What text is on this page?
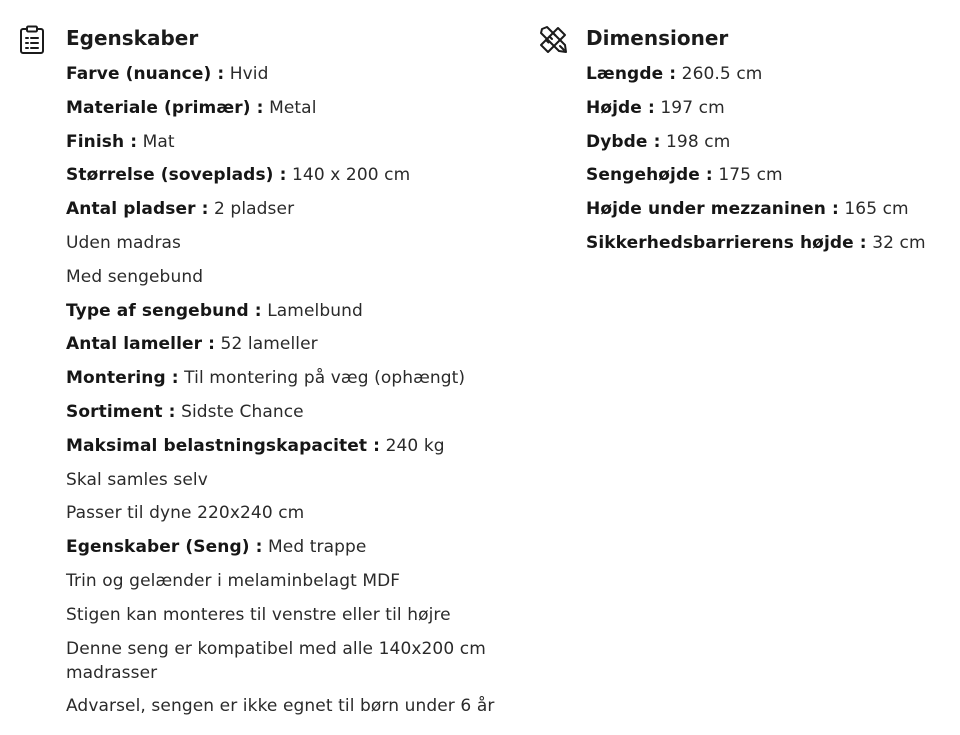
Egenskaber
Farve (nuance) : Hvid
Materiale (primær) : Metal
Finish : Mat
Størrelse (soveplads) : 140 x 200 cm
Antal pladser : 2 pladser
Uden madras
Med sengebund
Type af sengebund : Lamelbund
Antal lameller : 52 lameller
Montering : Til montering på væg (ophængt)
Sortiment : Sidste Chance
Maksimal belastningskapacitet : 240 kg
Skal samles selv
Passer til dyne 220x240 cm
Egenskaber (Seng) : Med trappe
Trin og gelænder i melaminbelagt MDF
Stigen kan monteres til venstre eller til højre
Denne seng er kompatibel med alle 140x200 cm madrasser
Advarsel, sengen er ikke egnet til børn under 6 år
Dimensioner
Længde : 260.5 cm
Højde : 197 cm
Dybde : 198 cm
Sengehøjde : 175 cm
Højde under mezzaninen : 165 cm
Sikkerhedsbarrierens højde : 32 cm
